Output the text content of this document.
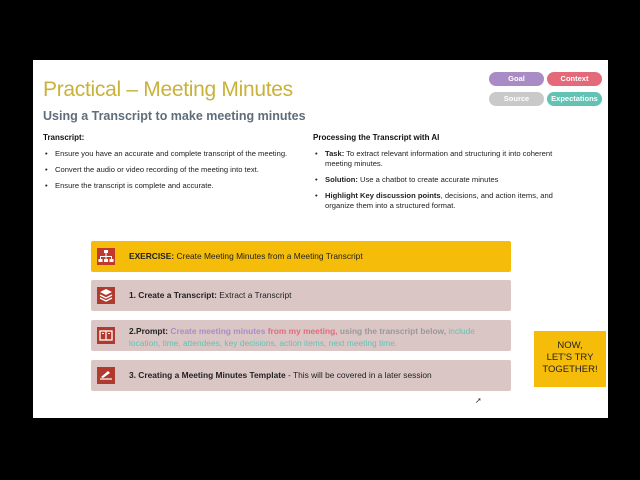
Practical – Meeting Minutes
Using a Transcript to make meeting minutes
Goal	Context
Source	Expectations
Transcript:
• Ensure you have an accurate and complete transcript of the meeting.
• Convert the audio or video recording of the meeting into text.
• Ensure the transcript is complete and accurate.
Processing the Transcript with AI
• Task: To extract relevant information and structuring it into coherent meeting minutes.
• Solution: Use a chatbot to create accurate minutes
• Highlight Key discussion points, decisions, and action items, and organize them into a structured format.
EXERCISE: Create Meeting Minutes from a Meeting Transcript
1. Create a Transcript: Extract a Transcript
2.Prompt: Create meeting minutes from my meeting, using the transcript below, include location, time, attendees, key decisions, action items, next meeting time.
3. Creating a Meeting Minutes Template - This will be covered in a later session
NOW,
LET'S TRY
TOGETHER!
➚
✎ ⌕ ▭ ■ ⋯ ➜
